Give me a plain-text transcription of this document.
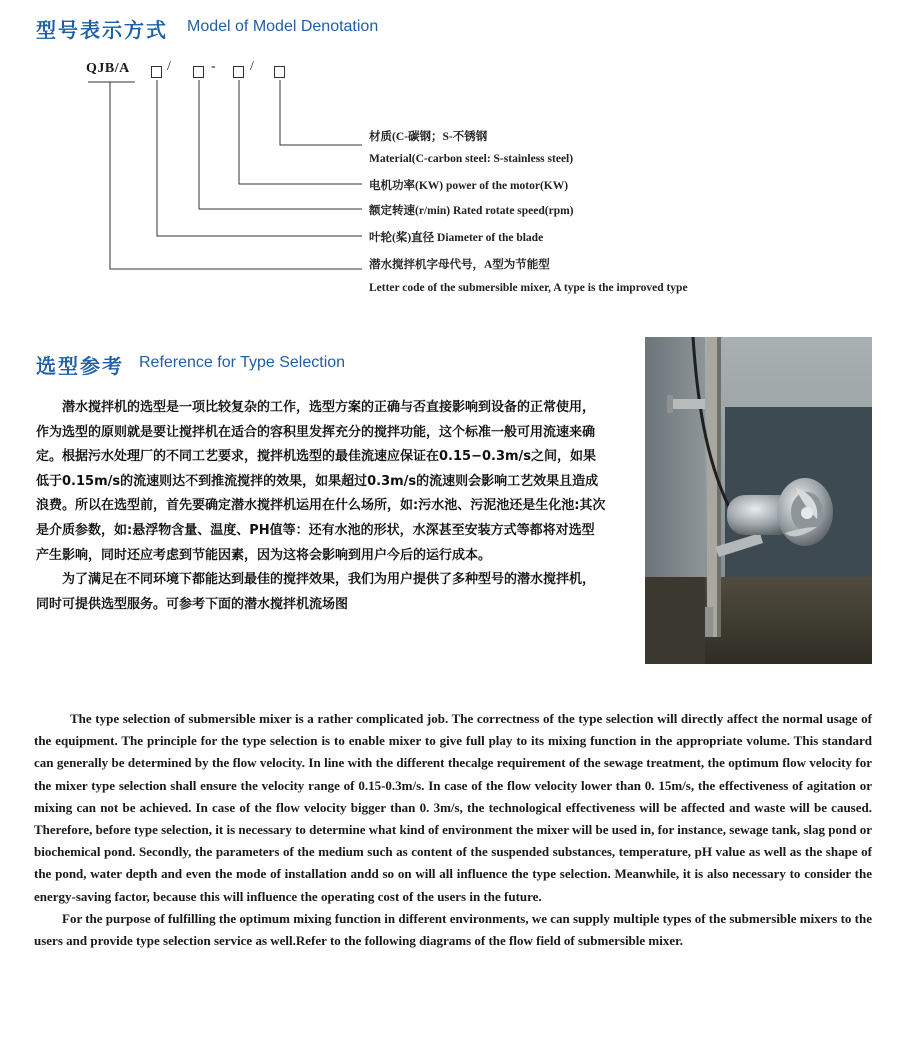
型号表示方式 Model of Model Denotation
QJB/A	/	- /
材质(C-碳钢；S-不锈钢
Material(C-carbon steel: S-stainless steel)
电机功率(KW) power of the motor(KW)
额定转速(r/min) Rated rotate speed(rpm)
叶轮(桨)直径 Diameter of the blade
潜水搅拌机字母代号，A型为节能型
Letter code of the submersible mixer, A type is the improved type
选型参考 Reference for Type Selection

　　潜水搅拌机的选型是一项比较复杂的工作，选型方案的正确与否直接影响到设备的正常使用，作为选型的原则就是要让搅拌机在适合的容积里发挥充分的搅拌功能，这个标准一般可用流速来确定。根据污水处理厂的不同工艺要求，搅拌机选型的最佳流速应保证在0.15−0.3m/s之间，如果低于0.15m/s的流速则达不到推流搅拌的效果，如果超过0.3m/s的流速则会影响工艺效果且造成浪费。所以在选型前，首先要确定潜水搅拌机运用在什么场所，如:污水池、污泥池还是生化池:其次是介质参数，如:悬浮物含量、温度、PH值等：还有水池的形状，水深甚至安装方式等都将对选型产生影响，同时还应考虑到节能因素，因为这将会影响到用户今后的运行成本。

　　为了满足在不同环境下都能达到最佳的搅拌效果，我们为用户提供了多种型号的潜水搅拌机，同时可提供选型服务。可参考下面的潜水搅拌机流场图

The type selection of submersible mixer is a rather complicated job. The correctness of the type selection will directly affect the normal usage of the equipment. The principle for the type selection is to enable mixer to give full play to its mixing function in the appropriate volume. This standard can generally be determined by the flow velocity. In line with the different thecalge requirement of the sewage treatment, the optimum flow velocity for the mixer type selection shall ensure the velocity range of 0.15-0.3m/s. In case of the flow velocity lower than 0. 15m/s, the effectiveness of agitation or mixing can not be achieved. In case of the flow velocity bigger than 0. 3m/s, the technological effectiveness will be affected and waste will be caused. Therefore, before type selection, it is necessary to determine what kind of environment the mixer will be used in, for instance, sewage tank, slag pond or biochemical pond. Secondly, the parameters of the medium such as content of the suspended substances, temperature, pH value as well as the shape of the pond, water depth and even the mode of installation andd so on will all influence the type selection. Meanwhile, it is also necessary to consider the energy-saving factor, because this will influence the operating cost of the users in the future.

For the purpose of fulfilling the optimum mixing function in different environments, we can supply multiple types of the submersible mixers to the users and provide type selection service as well.Refer to the following diagrams of the flow field of submersible mixer.
